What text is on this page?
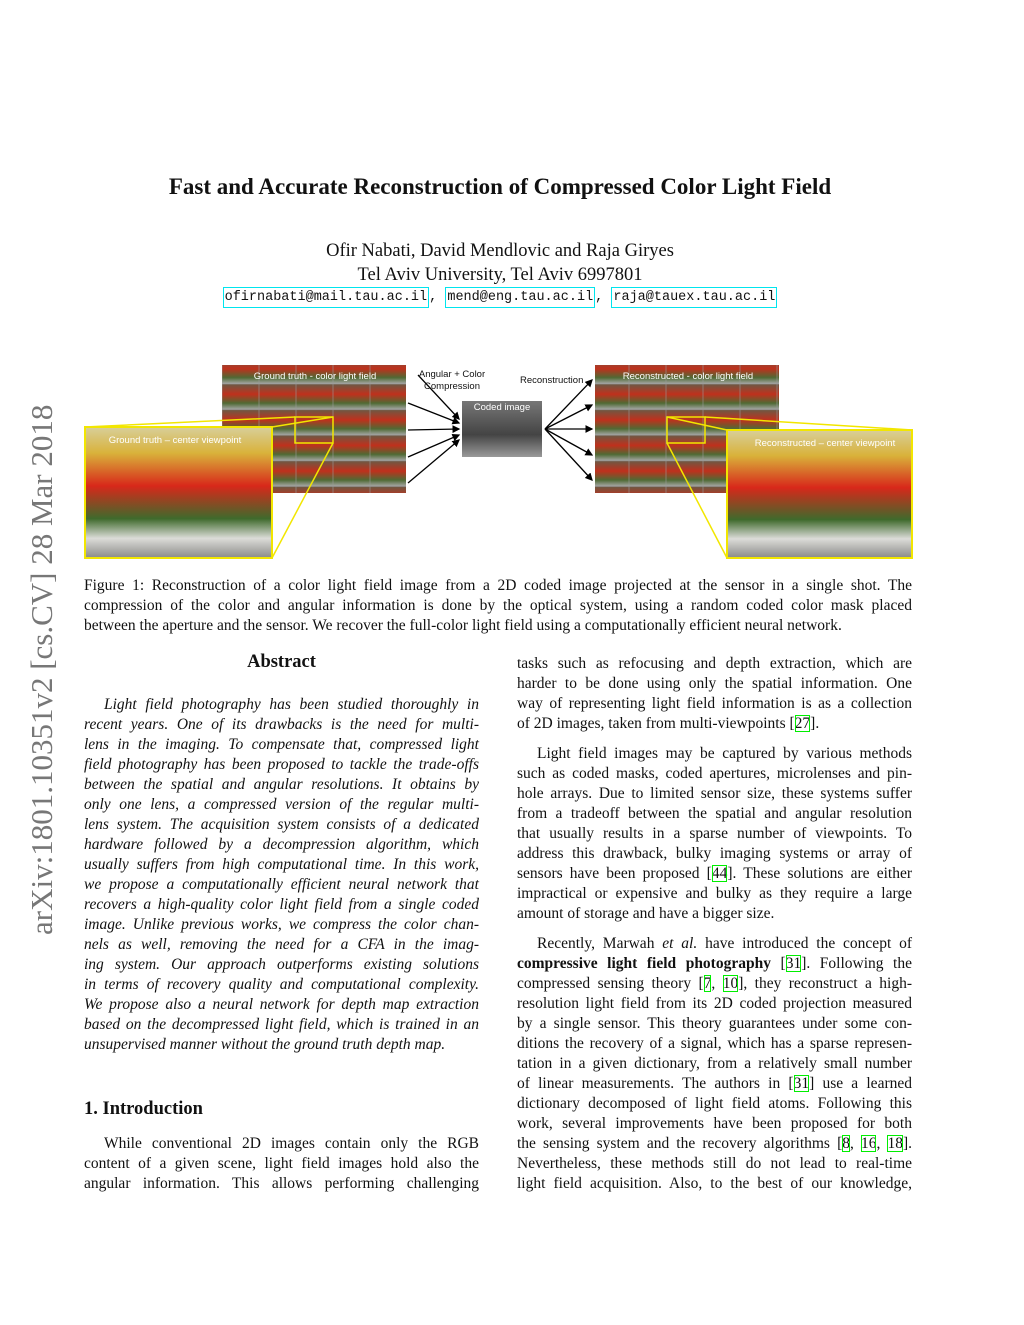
arXiv:1801.10351v2 [cs.CV] 28 Mar 2018
Fast and Accurate Reconstruction of Compressed Color Light Field
Ofir Nabati, David Mendlovic and Raja Giryes
Tel Aviv University, Tel Aviv 6997801
ofirnabati@mail.tau.ac.il , mend@eng.tau.ac.il , raja@tauex.tau.ac.il
Ground truth - color light field	Reconstructed - color light field
Coded image
Reconstruction
Angular + Color Compression
Ground truth – center viewpoint	Reconstructed – center viewpoint
Figure 1: Reconstruction of a color light field image from a 2D coded image projected at the sensor in a single shot. The
compression of the color and angular information is done by the optical system, using a random coded color mask placed
between the aperture and the sensor. We recover the full-color light field using a computationally efficient neural network.
Abstract
Light field photography has been studied thoroughly in
recent years. One of its drawbacks is the need for multi-
lens in the imaging. To compensate that, compressed light
field photography has been proposed to tackle the trade-offs
between the spatial and angular resolutions. It obtains by
only one lens, a compressed version of the regular multi-
lens system. The acquisition system consists of a dedicated
hardware followed by a decompression algorithm, which
usually suffers from high computational time. In this work,
we propose a computationally efficient neural network that
recovers a high-quality color light field from a single coded
image. Unlike previous works, we compress the color chan-
nels as well, removing the need for a CFA in the imag-
ing system. Our approach outperforms existing solutions
in terms of recovery quality and computational complexity.
We propose also a neural network for depth map extraction
based on the decompressed light field, which is trained in an
unsupervised manner without the ground truth depth map.
1. Introduction
While conventional 2D images contain only the RGB
content of a given scene, light field images hold also the
angular information. This allows performing challenging
tasks such as refocusing and depth extraction, which are
harder to be done using only the spatial information. One
way of representing light field information is as a collection
of 2D images, taken from multi-viewpoints [27].
Light field images may be captured by various methods
such as coded masks, coded apertures, microlenses and pin-
hole arrays. Due to limited sensor size, these systems suffer
from a tradeoff between the spatial and angular resolution
that usually results in a sparse number of viewpoints. To
address this drawback, bulky imaging systems or array of
sensors have been proposed [44]. These solutions are either
impractical or expensive and bulky as they require a large
amount of storage and have a bigger size.
Recently, Marwah et al. have introduced the concept of
compressive light field photography [31]. Following the
compressed sensing theory [7, 10], they reconstruct a high-
resolution light field from its 2D coded projection measured
by a single sensor. This theory guarantees under some con-
ditions the recovery of a signal, which has a sparse represen-
tation in a given dictionary, from a relatively small number
of linear measurements. The authors in [31] use a learned
dictionary decomposed of light field atoms. Following this
work, several improvements have been proposed for both
the sensing system and the recovery algorithms [8, 16, 18].
Nevertheless, these methods still do not lead to real-time
light field acquisition. Also, to the best of our knowledge,
